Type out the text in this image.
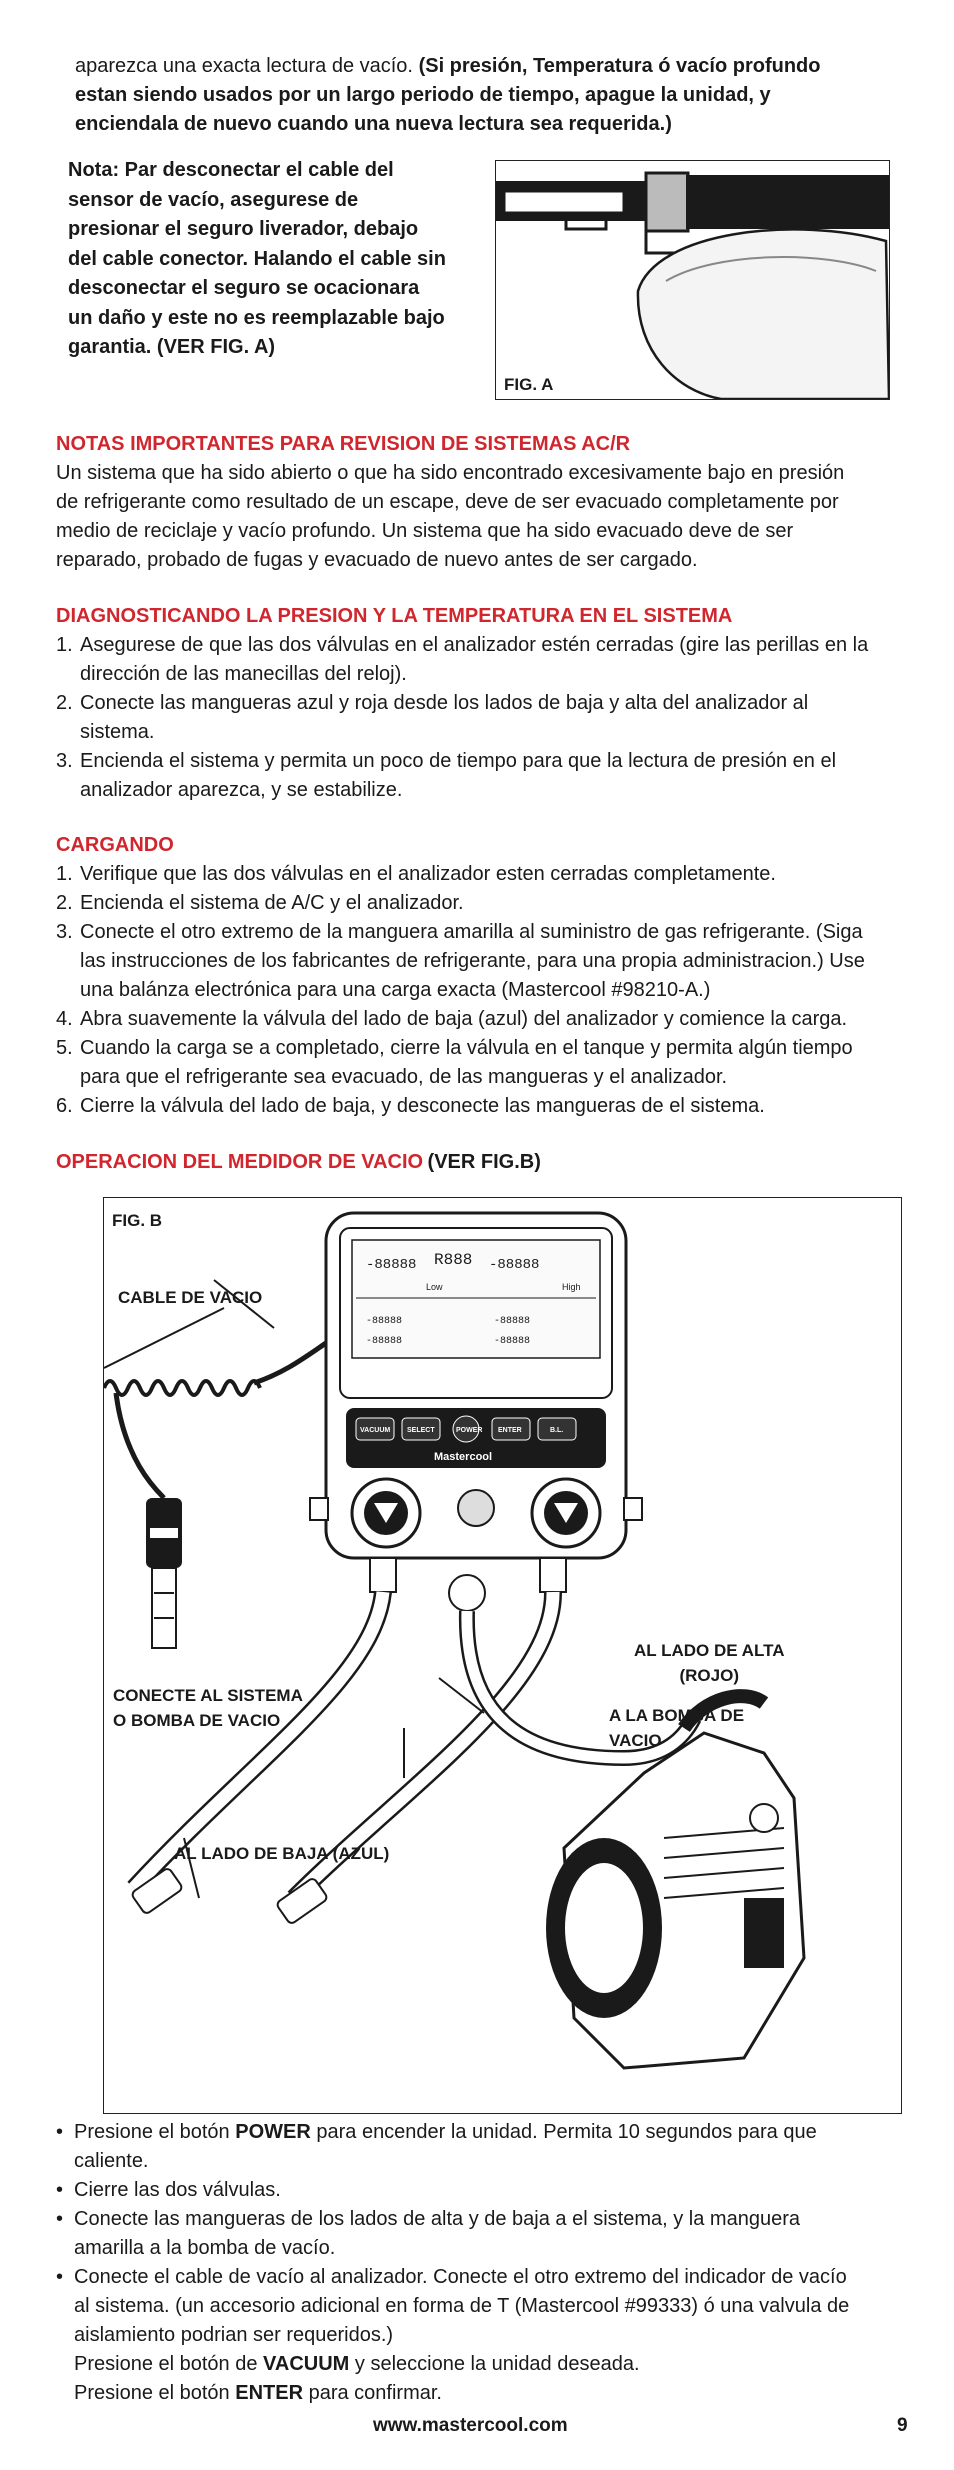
aparezca una exacta lectura de vacío. (Si presión, Temperatura ó vacío profundo estan siendo usados por un largo periodo de tiempo, apague la unidad, y enciendala de nuevo cuando una nueva lectura sea requerida.)
Nota: Par desconectar el cable del
sensor de vacío, asegurese de
presionar el seguro liverador, debajo
del cable conector. Halando el cable sin
desconectar el seguro se ocacionara
un daño y este no es reemplazable bajo
garantia. (VER FIG. A)
FIG. A
NOTAS IMPORTANTES PARA REVISION DE SISTEMAS AC/R
Un sistema que ha sido abierto o que ha sido encontrado excesivamente bajo en presión
de refrigerante como resultado de un escape, deve de ser evacuado completamente por
medio de reciclaje y vacío profundo. Un sistema que ha sido evacuado deve de ser
reparado, probado de fugas y evacuado de nuevo antes de ser cargado.
DIAGNOSTICANDO LA PRESION Y LA TEMPERATURA EN EL SISTEMA
1. Asegurese de que las dos válvulas en el analizador estén cerradas (gire las perillas en la
dirección de las manecillas del reloj).
2. Conecte las mangueras azul y roja desde los lados de baja y alta del analizador al
sistema.
3. Encienda el sistema y permita un poco de tiempo para que la lectura de presión en el
analizador aparezca, y se estabilize.
CARGANDO
1. Verifique que las dos válvulas en el analizador esten cerradas completamente.
2. Encienda el sistema de A/C y el analizador.
3. Conecte el otro extremo de la manguera amarilla al suministro de gas refrigerante. (Siga
las instrucciones de los fabricantes de refrigerante, para una propia administracion.) Use
una balánza electrónica para una carga exacta (Mastercool #98210-A.)
4. Abra suavemente la válvula del lado de baja (azul) del analizador y comience la carga.
5. Cuando la carga se a completado, cierre la válvula en el tanque y permita algún tiempo
para que el refrigerante sea evacuado, de las mangueras y el analizador.
6. Cierre la válvula del lado de baja, y desconecte las mangueras de el sistema.
OPERACION DEL MEDIDOR DE VACIO (VER FIG.B)
-88888 R888 -88888
Low	High
-88888
-88888
-88888
-88888
VACUUM SELECT	POWER ENTER	B.L.
Mastercool
FIG. B
CABLE DE VACIO
CONECTE AL SISTEMA
O BOMBA DE VACIO
AL LADO DE ALTA
(ROJO)
A LA BOMBA DE
VACIO
AL LADO DE BAJA (AZUL)
• Presione el botón POWER para encender la unidad. Permita 10 segundos para que
caliente.
• Cierre las dos válvulas.
• Conecte las mangueras de los lados de alta y de baja a el sistema, y la manguera
amarilla a la bomba de vacío.
• Conecte el cable de vacío al analizador. Conecte el otro extremo del indicador de vacío
al sistema. (un accesorio adicional en forma de T (Mastercool #99333) ó una valvula de
aislamiento podrian ser requeridos.)
Presione el botón de VACUUM y seleccione la unidad deseada.
Presione el botón ENTER para confirmar.
www.mastercool.com	9
